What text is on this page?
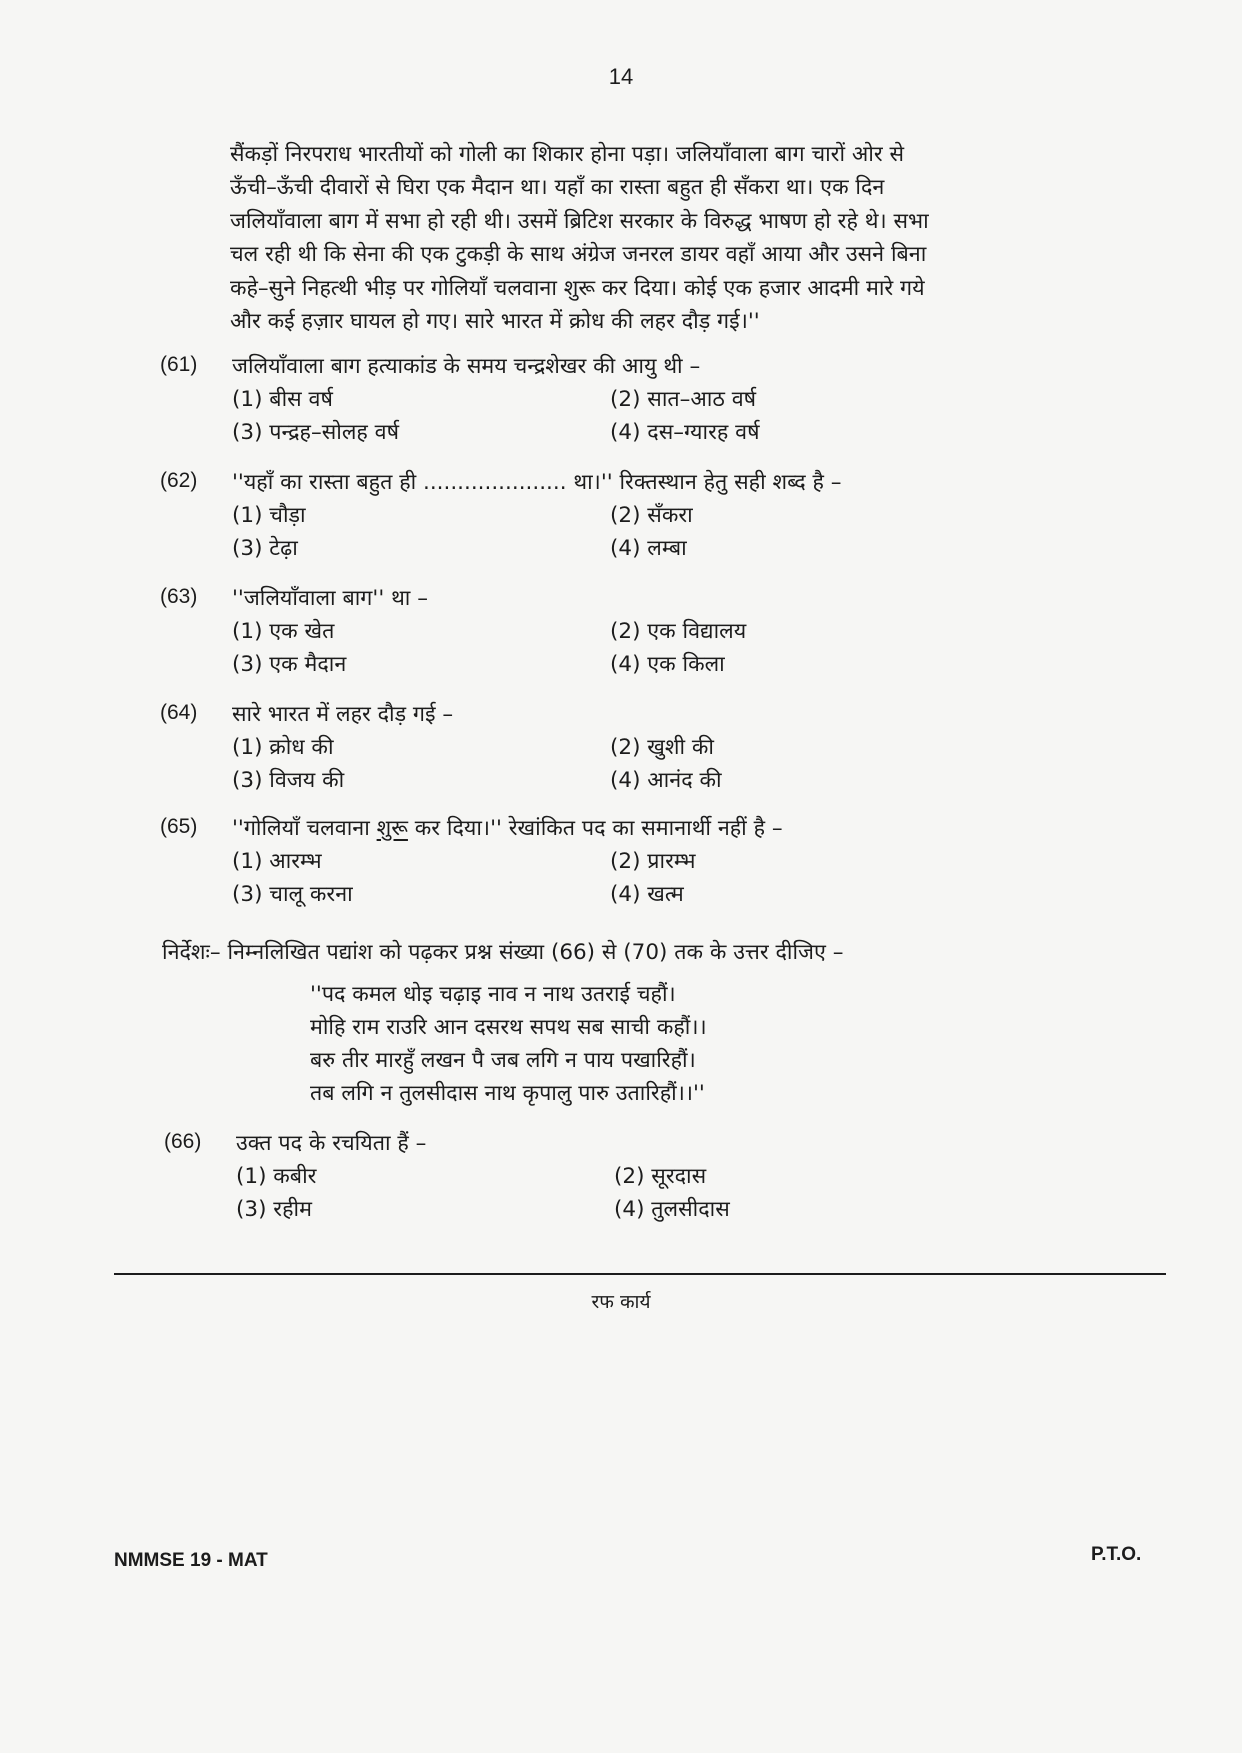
14

सैंकड़ों निरपराध भारतीयों को गोली का शिकार होना पड़ा। जलियाँवाला बाग चारों ओर से

ऊँची–ऊँची दीवारों से घिरा एक मैदान था। यहाँ का रास्ता बहुत ही सँकरा था। एक दिन

जलियाँवाला बाग में सभा हो रही थी। उसमें ब्रिटिश सरकार के विरुद्ध भाषण हो रहे थे। सभा

चल रही थी कि सेना की एक टुकड़ी के साथ अंग्रेज जनरल डायर वहाँ आया और उसने बिना

कहे–सुने निहत्थी भीड़ पर गोलियाँ चलवाना शुरू कर दिया। कोई एक हजार आदमी मारे गये

और कई हज़ार घायल हो गए। सारे भारत में क्रोध की लहर दौड़ गई।''

(61)	जलियाँवाला बाग हत्याकांड के समय चन्द्रशेखर की आयु थी –
(1) बीस वर्ष	(2) सात–आठ वर्ष
(3) पन्द्रह–सोलह वर्ष	(4) दस–ग्यारह वर्ष
(62)	''यहाँ का रास्ता बहुत ही ..................... था।'' रिक्तस्थान हेतु सही शब्द है –
(1) चौड़ा	(2) सँकरा
(3) टेढ़ा	(4) लम्बा
(63)	''जलियाँवाला बाग'' था –
(1) एक खेत	(2) एक विद्यालय
(3) एक मैदान	(4) एक किला
(64)	सारे भारत में लहर दौड़ गई –
(1) क्रोध की	(2) खुशी की
(3) विजय की	(4) आनंद की
(65)	''गोलियाँ चलवाना शुरू कर दिया।'' रेखांकित पद का समानार्थी नहीं है –
(1) आरम्भ	(2) प्रारम्भ
(3) चालू करना	(4) खत्म
निर्देशः– निम्नलिखित पद्यांश को पढ़कर प्रश्न संख्या (66) से (70) तक के उत्तर दीजिए –
''पद कमल धोइ चढ़ाइ नाव न नाथ उतराई चहौं।
मोहि राम राउरि आन दसरथ सपथ सब साची कहौं।।
बरु तीर मारहुँ लखन पै जब लगि न पाय पखारिहौं।
तब लगि न तुलसीदास नाथ कृपालु पारु उतारिहौं।।''
(66)	उक्त पद के रचयिता हैं –
(1) कबीर	(2) सूरदास
(3) रहीम	(4) तुलसीदास
रफ कार्य
NMMSE 19 - MAT	P.T.O.
